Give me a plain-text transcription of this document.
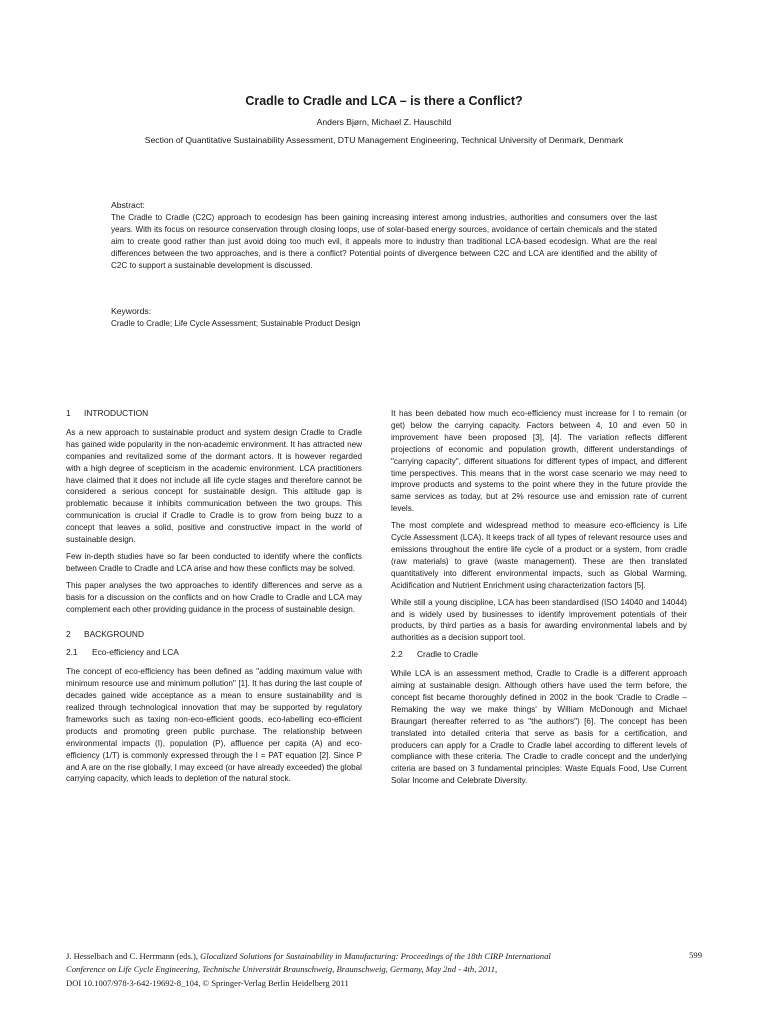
Cradle to Cradle and LCA – is there a Conflict?
Anders Bjørn, Michael Z. Hauschild
Section of Quantitative Sustainability Assessment, DTU Management Engineering, Technical University of Denmark, Denmark

Abstract:

The Cradle to Cradle (C2C) approach to ecodesign has been gaining increasing interest among industries, authorities and consumers over the last years. With its focus on resource conservation through closing loops, use of solar-based energy sources, avoidance of certain chemicals and the stated aim to create good rather than just avoid doing too much evil, it appeals more to industry than traditional LCA-based ecodesign. What are the real differences between the two approaches, and is there a conflict? Potential points of divergence between C2C and LCA are identified and the ability of C2C to support a sustainable development is discussed.

Keywords:

Cradle to Cradle; Life Cycle Assessment; Sustainable Product Design

1 INTRODUCTION

As a new approach to sustainable product and system design Cradle to Cradle has gained wide popularity in the non-academic environment. It has attracted new companies and revitalized some of the dormant actors. It is however regarded with a high degree of scepticism in the academic environment. LCA practitioners have claimed that it does not include all life cycle stages and therefore cannot be considered a serious concept for sustainable design. This attitude gap is problematic because it inhibits communication between the two groups. This communication is crucial if Cradle to Cradle is to grow from being buzz to a concept that leaves a solid, positive and constructive impact in the world of sustainable design.

Few in-depth studies have so far been conducted to identify where the conflicts between Cradle to Cradle and LCA arise and how these conflicts may be solved.

This paper analyses the two approaches to identify differences and serve as a basis for a discussion on the conflicts and on how Cradle to Cradle and LCA may complement each other providing guidance in the process of sustainable design.

2 BACKGROUND
2.1 Eco-efficiency and LCA

The concept of eco-efficiency has been defined as "adding maximum value with minimum resource use and minimum pollution" [1]. It has during the last couple of decades gained wide acceptance as a mean to ensure sustainability and is realized through technological innovation that may be supported by regulatory frameworks such as taxing non-eco-efficient goods, eco-labelling eco-efficient products and promoting green public purchase. The relationship between environmental impacts (I), population (P), affluence per capita (A) and eco-efficiency (1/T) is commonly expressed through the I = PAT equation [2]. Since P and A are on the rise globally, I may exceed (or have already exceeded) the global carrying capacity, which leads to depletion of the natural stock.

It has been debated how much eco-efficiency must increase for I to remain (or get) below the carrying capacity. Factors between 4, 10 and even 50 in improvement have been proposed [3], [4]. The variation reflects different projections of economic and population growth, different understandings of "carrying capacity", different situations for different types of impact, and different time perspectives. This means that in the worst case scenario we may need to improve products and systems to the point where they in the future provide the same services as today, but at 2% resource use and emission rate of current levels.

The most complete and widespread method to measure eco-efficiency is Life Cycle Assessment (LCA). It keeps track of all types of relevant resource uses and emissions throughout the entire life cycle of a product or a system, from cradle (raw materials) to grave (waste management). These are then translated quantitatively into different environmental impacts, such as Global Warming, Acidification and Nutrient Enrichment using characterization factors [5].

While still a young discipline, LCA has been standardised (ISO 14040 and 14044) and is widely used by businesses to identify improvement potentials of their products, by third parties as a basis for awarding environmental labels and by authorities as a decision support tool.

2.2 Cradle to Cradle

While LCA is an assessment method, Cradle to Cradle is a different approach aiming at sustainable design. Although others have used the term before, the concept fist became thoroughly defined in 2002 in the book 'Cradle to Cradle – Remaking the way we make things' by William McDonough and Michael Braungart (hereafter referred to as "the authors") [6]. The concept has been translated into detailed criteria that serve as basis for a certification, and producers can apply for a Cradle to Cradle label according to different levels of compliance with these criteria. The Cradle to cradle concept and the underlying criteria are based on 3 fundamental principles: Waste Equals Food, Use Current Solar Income and Celebrate Diversity.

J. Hesselbach and C. Herrmann (eds.), Glocalized Solutions for Sustainability in Manufacturing: Proceedings of the 18th CIRP International
Conference on Life Cycle Engineering, Technische Universität Braunschweig, Braunschweig, Germany, May 2nd - 4th, 2011,
DOI 10.1007/978-3-642-19692-8_104, © Springer-Verlag Berlin Heidelberg 2011
599
